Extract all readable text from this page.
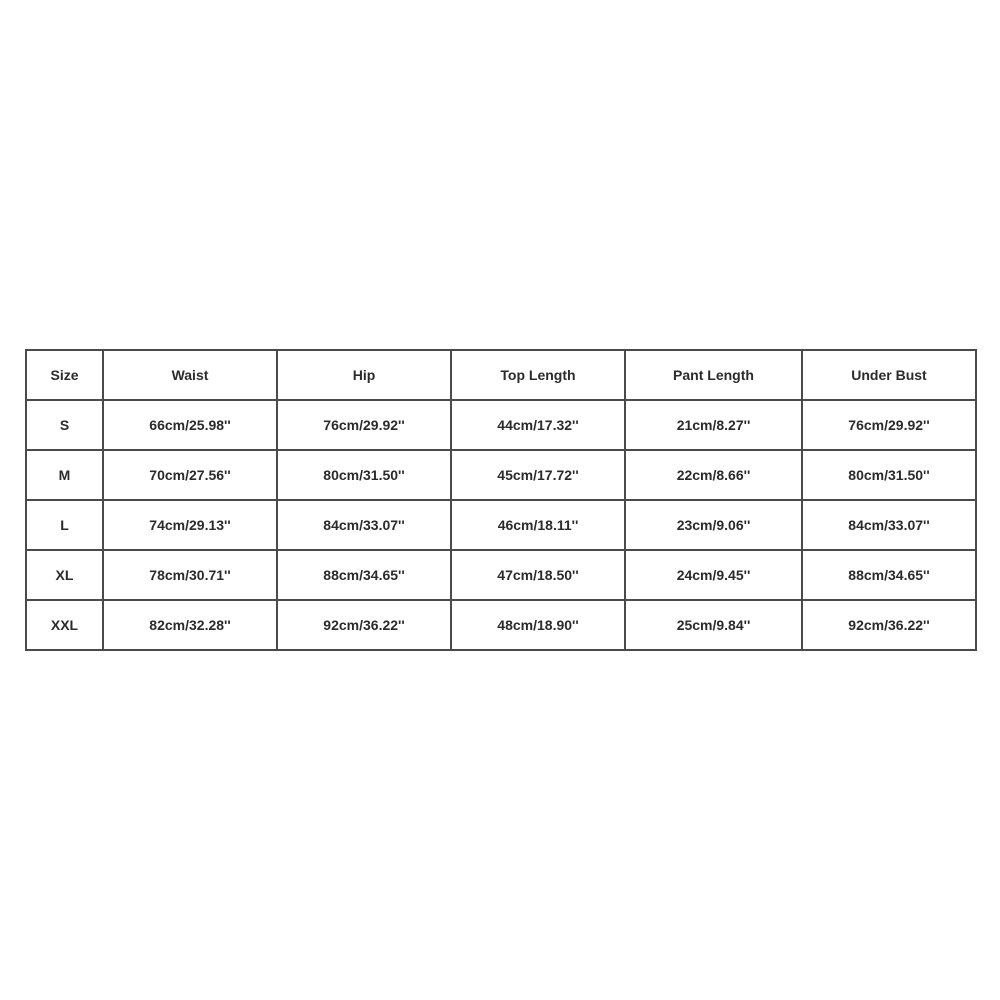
Size	Waist	Hip	Top Length	Pant Length	Under Bust
S	66cm/25.98''	76cm/29.92''	44cm/17.32''	21cm/8.27''	76cm/29.92''
M	70cm/27.56''	80cm/31.50''	45cm/17.72''	22cm/8.66''	80cm/31.50''
L	74cm/29.13''	84cm/33.07''	46cm/18.11''	23cm/9.06''	84cm/33.07''
XL	78cm/30.71''	88cm/34.65''	47cm/18.50''	24cm/9.45''	88cm/34.65''
XXL	82cm/32.28''	92cm/36.22''	48cm/18.90''	25cm/9.84''	92cm/36.22''
